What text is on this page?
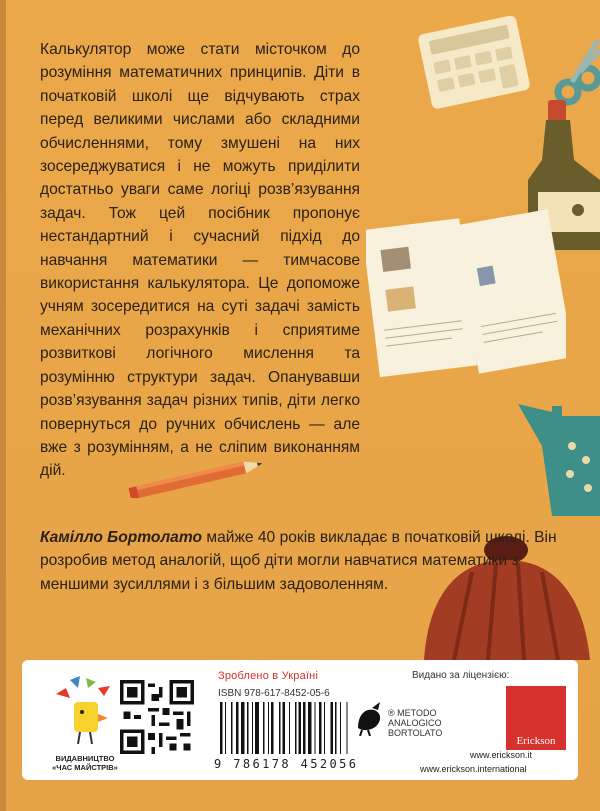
Калькулятор може стати місточком до розуміння математичних принципів. Діти в початковій школі ще відчувають страх перед великими числами або складними обчисленнями, тому змушені на них зосереджуватися і не можуть приділити достатньо уваги саме логіці розв’язування задач. Тож цей посібник пропонує нестандартний і сучасний підхід до навчання математики — тимчасове використання калькулятора. Це допоможе учням зосередитися на суті задачі замість механічних розрахунків і сприятиме розвиткові логічного мислення та розумінню структури задач. Опанувавши розв’язування задач різних типів, діти легко повернуться до ручних обчислень — але вже з розумінням, а не сліпим виконанням дій.

Камілло Бортолато майже 40 років викладає в початковій школі. Він розробив метод аналогій, щоб діти могли навчатися математики з меншими зусиллями і з більшим задоволенням.

ВИДАВНИЦТВО
«ЧАС МАЙСТРІВ»
Зроблено в Україні
ISBN 978-617-8452-05-6
Видано за ліцензією:
® METODO
ANALOGICO
BORTOLATO
Erickson
9 786178 452056
www.erickson.it
www.erickson.international
